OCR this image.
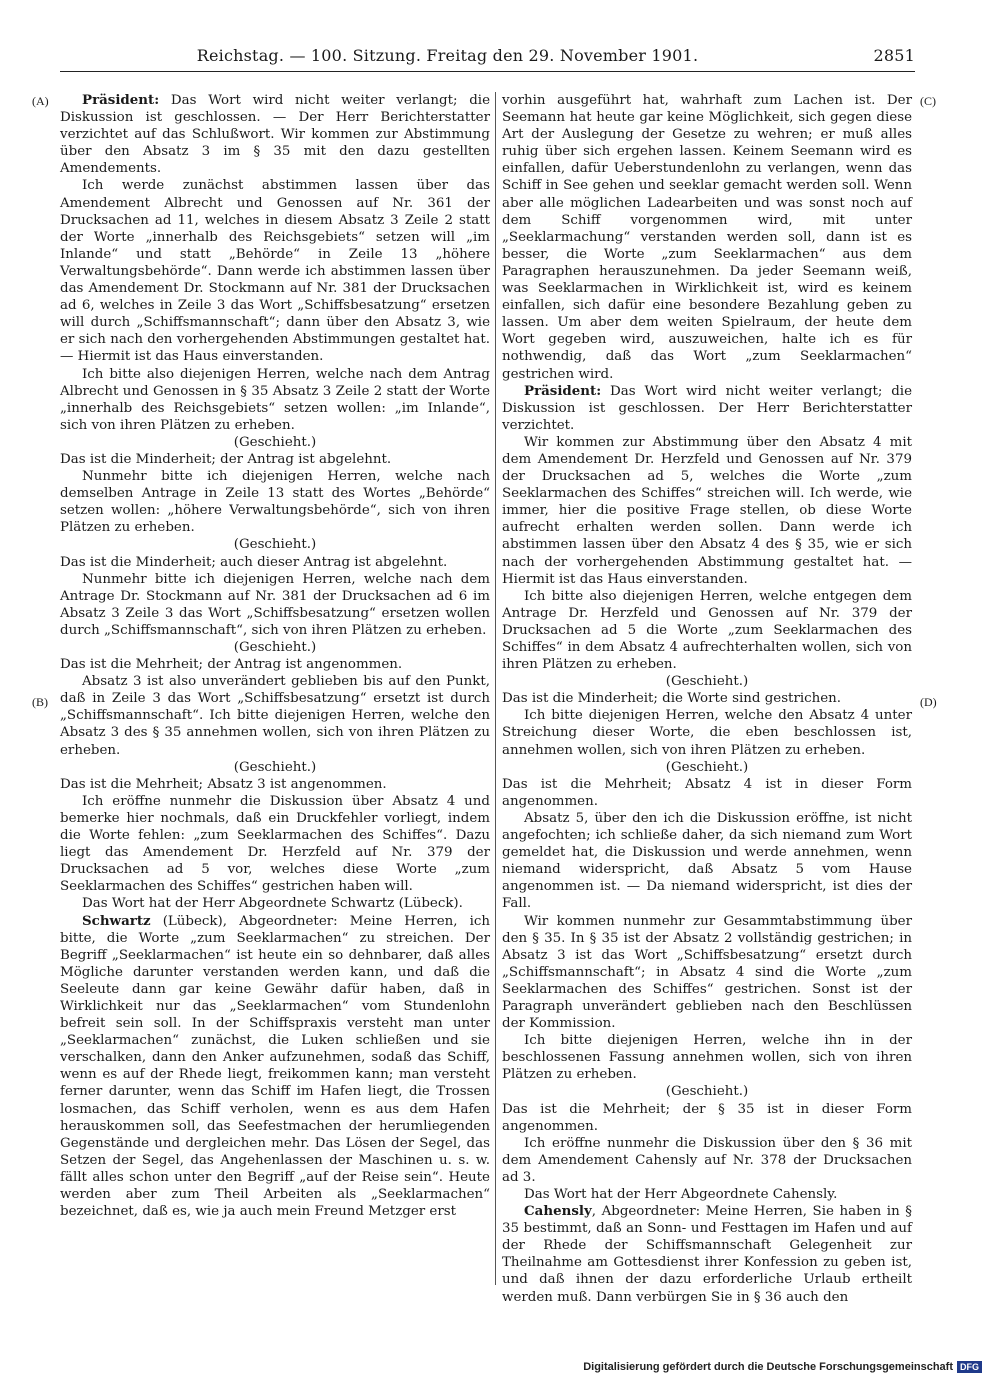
Reichstag. — 100. Sitzung. Freitag den 29. November 1901.	2851
(A)
(B)
(C)
(D)

Präsident: Das Wort wird nicht weiter verlangt; die Diskussion ist geschlossen. — Der Herr Berichterstatter verzichtet auf das Schlußwort. Wir kommen zur Abstimmung über den Absatz 3 im § 35 mit den dazu gestellten Amendements.

Ich werde zunächst abstimmen lassen über das Amendement Albrecht und Genossen auf Nr. 361 der Drucksachen ad 11, welches in diesem Absatz 3 Zeile 2 statt der Worte „innerhalb des Reichsgebiets“ setzen will „im Inlande“ und statt „Behörde“ in Zeile 13 „höhere Verwaltungsbehörde“. Dann werde ich abstimmen lassen über das Amendement Dr. Stockmann auf Nr. 381 der Drucksachen ad 6, welches in Zeile 3 das Wort „Schiffsbesatzung“ ersetzen will durch „Schiffsmannschaft“; dann über den Absatz 3, wie er sich nach den vorhergehenden Abstimmungen gestaltet hat. — Hiermit ist das Haus einverstanden.

Ich bitte also diejenigen Herren, welche nach dem Antrag Albrecht und Genossen in § 35 Absatz 3 Zeile 2 statt der Worte „innerhalb des Reichsgebiets“ setzen wollen: „im Inlande“, sich von ihren Plätzen zu erheben.

(Geschieht.)

Das ist die Minderheit; der Antrag ist abgelehnt.

Nunmehr bitte ich diejenigen Herren, welche nach demselben Antrage in Zeile 13 statt des Wortes „Behörde“ setzen wollen: „höhere Verwaltungsbehörde“, sich von ihren Plätzen zu erheben.

(Geschieht.)

Das ist die Minderheit; auch dieser Antrag ist abgelehnt.

Nunmehr bitte ich diejenigen Herren, welche nach dem Antrage Dr. Stockmann auf Nr. 381 der Drucksachen ad 6 im Absatz 3 Zeile 3 das Wort „Schiffsbesatzung“ ersetzen wollen durch „Schiffsmannschaft“, sich von ihren Plätzen zu erheben.

(Geschieht.)

Das ist die Mehrheit; der Antrag ist angenommen.

Absatz 3 ist also unverändert geblieben bis auf den Punkt, daß in Zeile 3 das Wort „Schiffsbesatzung“ ersetzt ist durch „Schiffsmannschaft“. Ich bitte diejenigen Herren, welche den Absatz 3 des § 35 annehmen wollen, sich von ihren Plätzen zu erheben.

(Geschieht.)

Das ist die Mehrheit; Absatz 3 ist angenommen.

Ich eröffne nunmehr die Diskussion über Absatz 4 und bemerke hier nochmals, daß ein Druckfehler vorliegt, indem die Worte fehlen: „zum Seeklarmachen des Schiffes“. Dazu liegt das Amendement Dr. Herzfeld auf Nr. 379 der Drucksachen ad 5 vor, welches diese Worte „zum Seeklarmachen des Schiffes“ gestrichen haben will.

Das Wort hat der Herr Abgeordnete Schwartz (Lübeck).

Schwartz (Lübeck), Abgeordneter: Meine Herren, ich bitte, die Worte „zum Seeklarmachen“ zu streichen. Der Begriff „Seeklarmachen“ ist heute ein so dehnbarer, daß alles Mögliche darunter verstanden werden kann, und daß die Seeleute dann gar keine Gewähr dafür haben, daß in Wirklichkeit nur das „Seeklarmachen“ vom Stundenlohn befreit sein soll. In der Schiffspraxis versteht man unter „Seeklarmachen“ zunächst, die Luken schließen und sie verschalken, dann den Anker aufzunehmen, sodaß das Schiff, wenn es auf der Rhede liegt, freikommen kann; man versteht ferner darunter, wenn das Schiff im Hafen liegt, die Trossen losmachen, das Schiff verholen, wenn es aus dem Hafen herauskommen soll, das Seefestmachen der herumliegenden Gegenstände und dergleichen mehr. Das Lösen der Segel, das Setzen der Segel, das Angehenlassen der Maschinen u. s. w. fällt alles schon unter den Begriff „auf der Reise sein“. Heute werden aber zum Theil Arbeiten als „Seeklarmachen“ bezeichnet, daß es, wie ja auch mein Freund Metzger erst

vorhin ausgeführt hat, wahrhaft zum Lachen ist. Der Seemann hat heute gar keine Möglichkeit, sich gegen diese Art der Auslegung der Gesetze zu wehren; er muß alles ruhig über sich ergehen lassen. Keinem Seemann wird es einfallen, dafür Ueberstundenlohn zu verlangen, wenn das Schiff in See gehen und seeklar gemacht werden soll. Wenn aber alle möglichen Ladearbeiten und was sonst noch auf dem Schiff vorgenommen wird, mit unter „Seeklarmachung“ verstanden werden soll, dann ist es besser, die Worte „zum Seeklarmachen“ aus dem Paragraphen herauszunehmen. Da jeder Seemann weiß, was Seeklarmachen in Wirklichkeit ist, wird es keinem einfallen, sich dafür eine besondere Bezahlung geben zu lassen. Um aber dem weiten Spielraum, der heute dem Wort gegeben wird, auszuweichen, halte ich es für nothwendig, daß das Wort „zum Seeklarmachen“ gestrichen wird.

Präsident: Das Wort wird nicht weiter verlangt; die Diskussion ist geschlossen. Der Herr Berichterstatter verzichtet.

Wir kommen zur Abstimmung über den Absatz 4 mit dem Amendement Dr. Herzfeld und Genossen auf Nr. 379 der Drucksachen ad 5, welches die Worte „zum Seeklarmachen des Schiffes“ streichen will. Ich werde, wie immer, hier die positive Frage stellen, ob diese Worte aufrecht erhalten werden sollen. Dann werde ich abstimmen lassen über den Absatz 4 des § 35, wie er sich nach der vorhergehenden Abstimmung gestaltet hat. — Hiermit ist das Haus einverstanden.

Ich bitte also diejenigen Herren, welche entgegen dem Antrage Dr. Herzfeld und Genossen auf Nr. 379 der Drucksachen ad 5 die Worte „zum Seeklarmachen des Schiffes“ in dem Absatz 4 aufrechterhalten wollen, sich von ihren Plätzen zu erheben.

(Geschieht.)

Das ist die Minderheit; die Worte sind gestrichen.

Ich bitte diejenigen Herren, welche den Absatz 4 unter Streichung dieser Worte, die eben beschlossen ist, annehmen wollen, sich von ihren Plätzen zu erheben.

(Geschieht.)

Das ist die Mehrheit; Absatz 4 ist in dieser Form angenommen.

Absatz 5, über den ich die Diskussion eröffne, ist nicht angefochten; ich schließe daher, da sich niemand zum Wort gemeldet hat, die Diskussion und werde annehmen, wenn niemand widerspricht, daß Absatz 5 vom Hause angenommen ist. — Da niemand widerspricht, ist dies der Fall.

Wir kommen nunmehr zur Gesammtabstimmung über den § 35. In § 35 ist der Absatz 2 vollständig gestrichen; in Absatz 3 ist das Wort „Schiffsbesatzung“ ersetzt durch „Schiffsmannschaft“; in Absatz 4 sind die Worte „zum Seeklarmachen des Schiffes“ gestrichen. Sonst ist der Paragraph unverändert geblieben nach den Beschlüssen der Kommission.

Ich bitte diejenigen Herren, welche ihn in der beschlossenen Fassung annehmen wollen, sich von ihren Plätzen zu erheben.

(Geschieht.)

Das ist die Mehrheit; der § 35 ist in dieser Form angenommen.

Ich eröffne nunmehr die Diskussion über den § 36 mit dem Amendement Cahensly auf Nr. 378 der Drucksachen ad 3.

Das Wort hat der Herr Abgeordnete Cahensly.

Cahensly, Abgeordneter: Meine Herren, Sie haben in § 35 bestimmt, daß an Sonn- und Festtagen im Hafen und auf der Rhede der Schiffsmannschaft Gelegenheit zur Theilnahme am Gottesdienst ihrer Konfession zu geben ist, und daß ihnen der dazu erforderliche Urlaub ertheilt werden muß. Dann verbürgen Sie in § 36 auch den

Digitalisierung gefördert durch die Deutsche Forschungsgemeinschaft DFG
